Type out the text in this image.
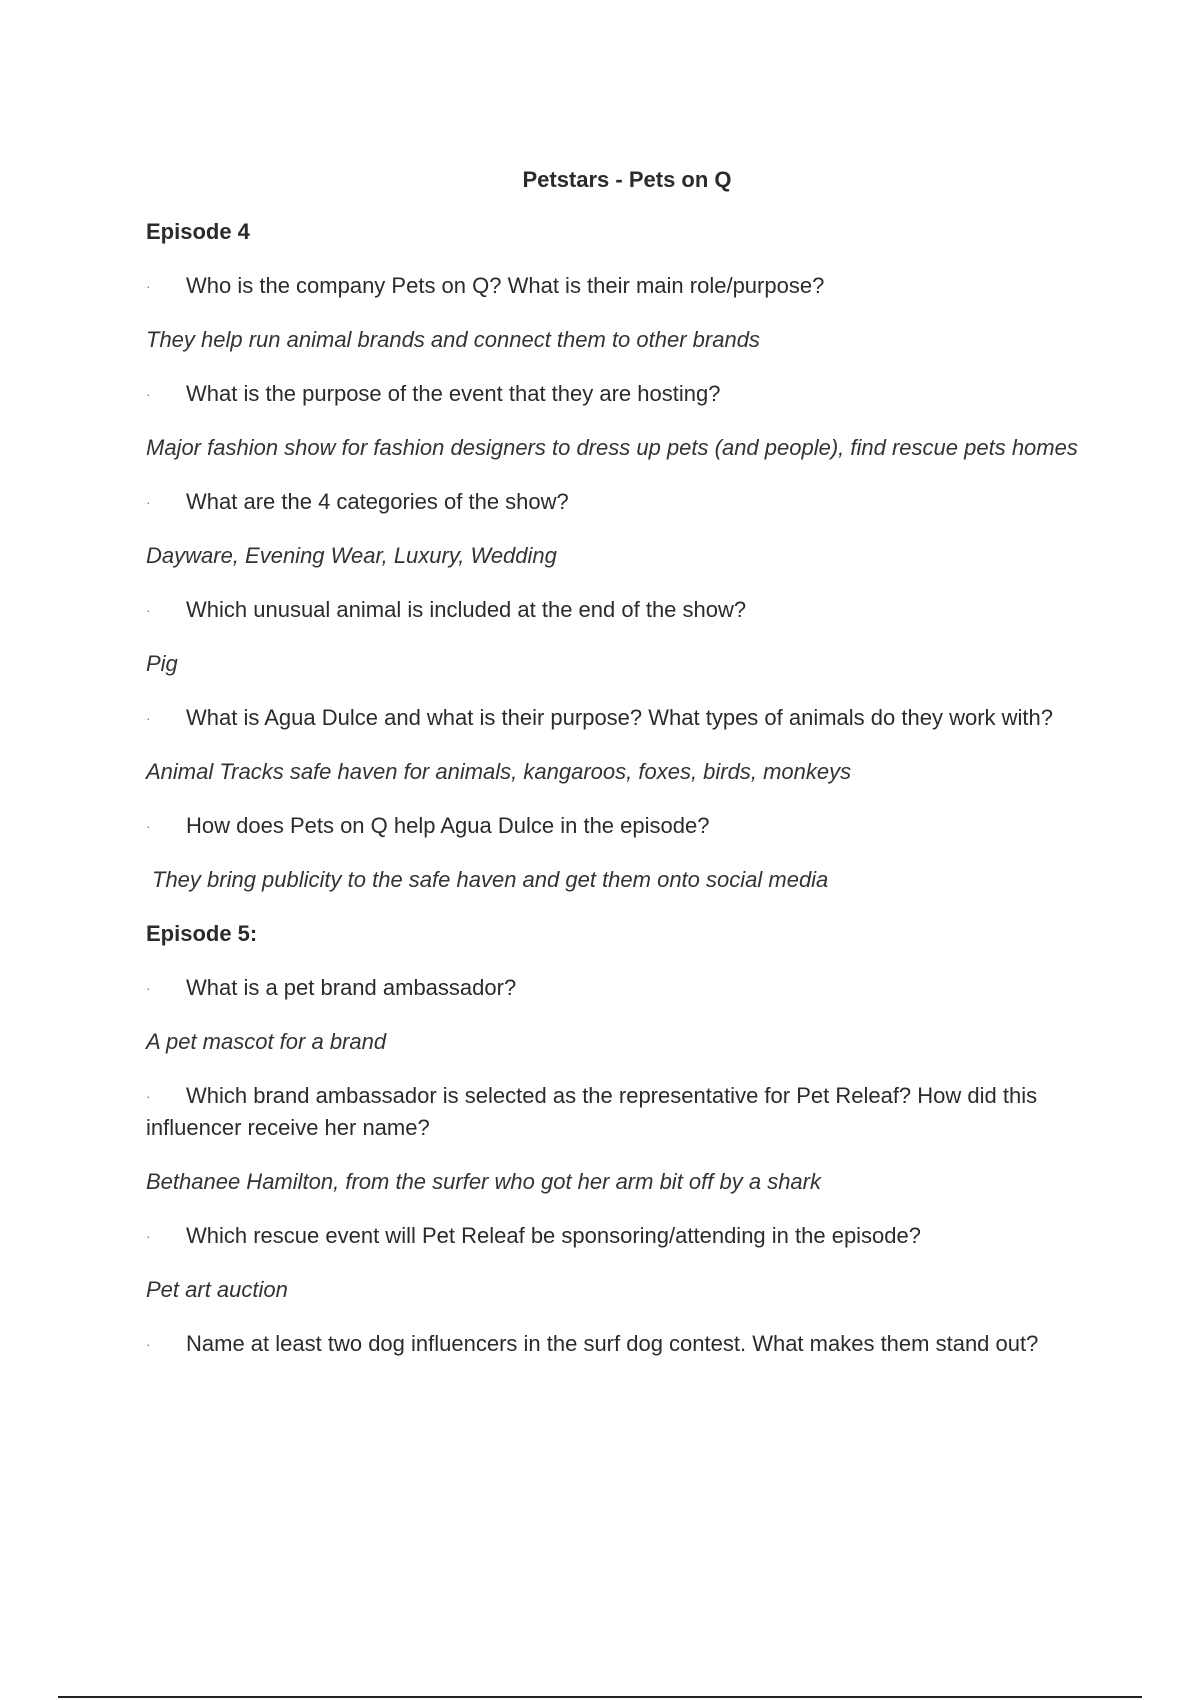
Petstars - Pets on Q
Episode 4
· Who is the company Pets on Q? What is their main role/purpose?
They help run animal brands and connect them to other brands
· What is the purpose of the event that they are hosting?
Major fashion show for fashion designers to dress up pets (and people), find rescue pets homes
· What are the 4 categories of the show?
Dayware, Evening Wear, Luxury, Wedding
· Which unusual animal is included at the end of the show?
Pig
· What is Agua Dulce and what is their purpose? What types of animals do they work with?
Animal Tracks safe haven for animals, kangaroos, foxes, birds, monkeys
· How does Pets on Q help Agua Dulce in the episode?
They bring publicity to the safe haven and get them onto social media
Episode 5:
· What is a pet brand ambassador?
A pet mascot for a brand
· Which brand ambassador is selected as the representative for Pet Releaf? How did this influencer receive her name?
Bethanee Hamilton, from the surfer who got her arm bit off by a shark
· Which rescue event will Pet Releaf be sponsoring/attending in the episode?
Pet art auction
· Name at least two dog influencers in the surf dog contest. What makes them stand out?
